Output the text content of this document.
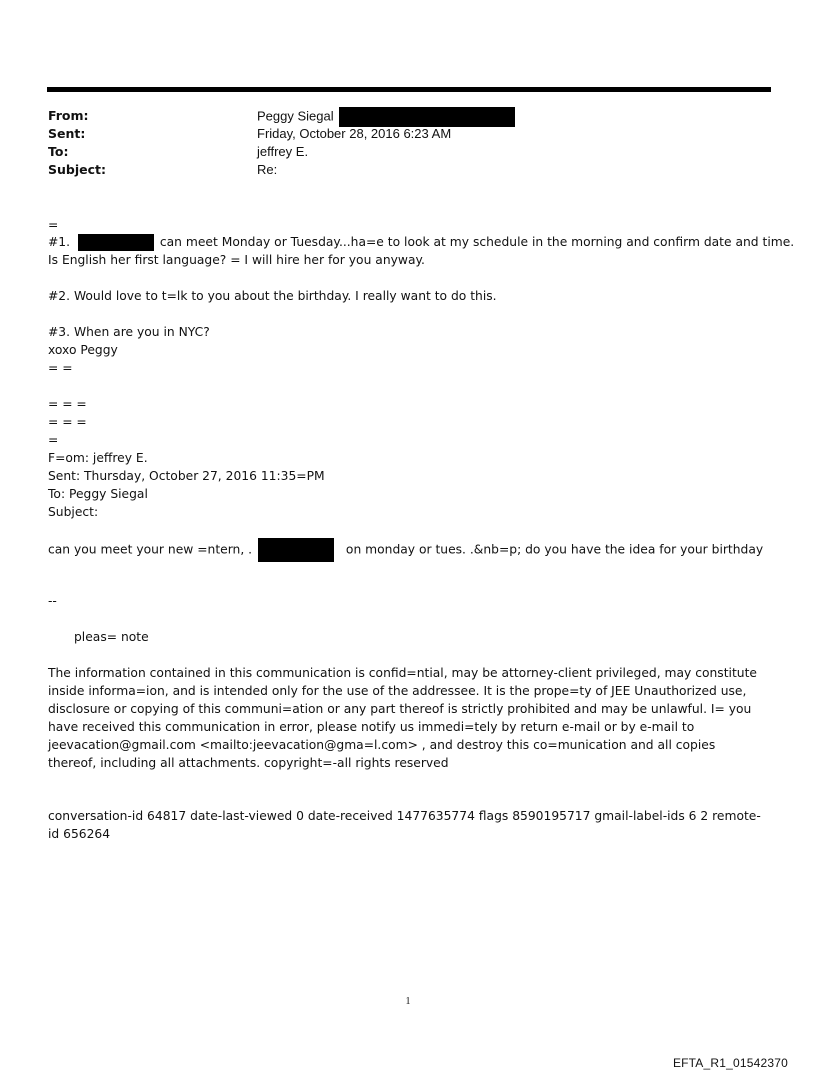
From:	Peggy Siegal
Sent:	Friday, October 28, 2016 6:23 AM
To:	jeffrey E.
Subject:	Re:
=
#1.	can meet Monday or Tuesday...ha=e to look at my schedule in the morning and confirm date and time.
Is English her first language? = I will hire her for you anyway.
#2. Would love to t=lk to you about the birthday. I really want to do this.
#3. When are you in NYC?
xoxo Peggy
= =
= = =
= = =
=
F=om: jeffrey E.
Sent: Thursday, October 27, 2016 11:35=PM
To: Peggy Siegal
Subject:
can you meet your new =ntern, .	on monday or tues. .&nb=p; do you have the idea for your birthday
--
pleas= note
The information contained in this communication is confid=ntial, may be attorney-client privileged, may constitute inside informa=ion, and is intended only for the use of the addressee. It is the prope=ty of JEE Unauthorized use, disclosure or copying of this communi=ation or any part thereof is strictly prohibited and may be unlawful. I= you have received this communication in error, please notify us immedi=tely by return e-mail or by e-mail to jeevacation@gmail.com <mailto:jeevacation@gma=l.com> , and destroy this co=munication and all copies thereof, including all attachments. copyright=-all rights reserved
conversation-id 64817 date-last-viewed 0 date-received 1477635774 flags 8590195717 gmail-label-ids 6 2 remote-id 656264
1
EFTA_R1_01542370
